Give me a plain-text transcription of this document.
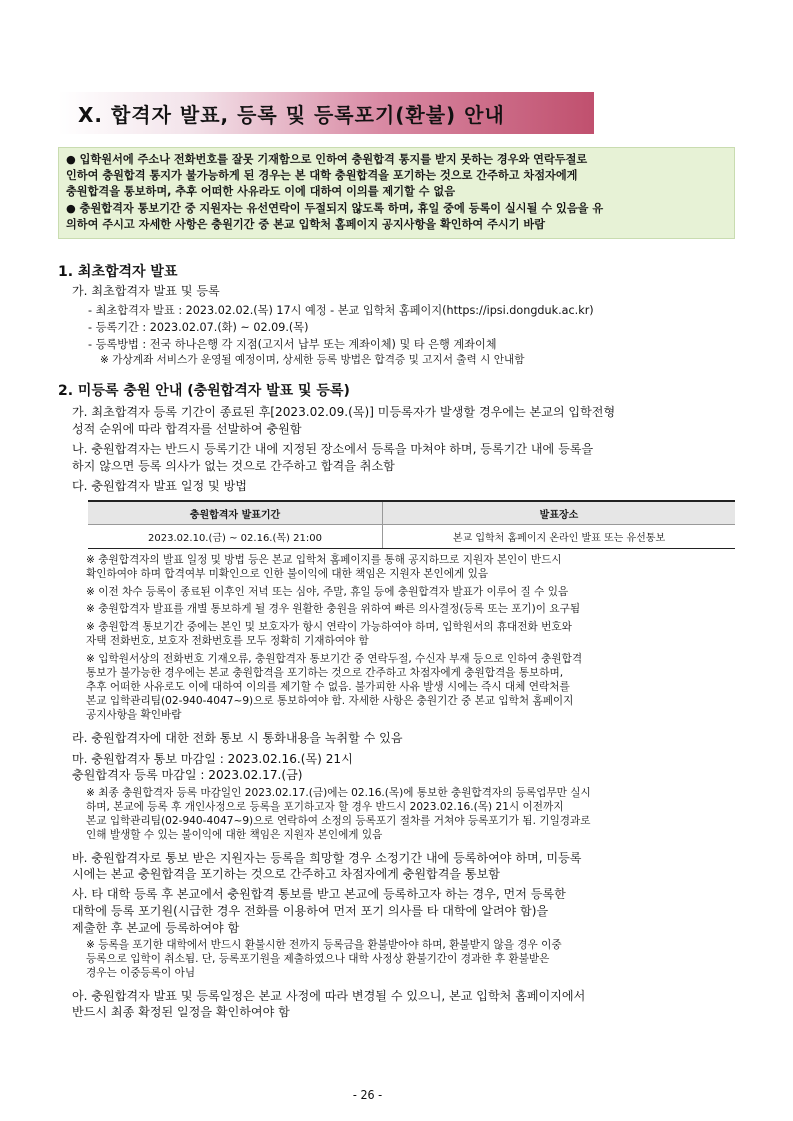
Ⅹ. 합격자 발표, 등록 및 등록포기(환불) 안내
● 입학원서에 주소나 전화번호를 잘못 기재함으로 인하여 충원합격 통지를 받지 못하는 경우와 연락두절로
인하여 충원합격 통지가 불가능하게 된 경우는 본 대학 충원합격을 포기하는 것으로 간주하고 차점자에게
충원합격을 통보하며, 추후 어떠한 사유라도 이에 대하여 이의를 제기할 수 없음
● 충원합격자 통보기간 중 지원자는 유선연락이 두절되지 않도록 하며, 휴일 중에 등록이 실시될 수 있음을 유
의하여 주시고 자세한 사항은 충원기간 중 본교 입학처 홈페이지 공지사항을 확인하여 주시기 바람
1. 최초합격자 발표
가. 최초합격자 발표 및 등록
- 최초합격자 발표 : 2023.02.02.(목) 17시 예정 - 본교 입학처 홈페이지(https://ipsi.dongduk.ac.kr)
- 등록기간 : 2023.02.07.(화) ~ 02.09.(목)
- 등록방법 : 전국 하나은행 각 지점(고지서 납부 또는 계좌이체) 및 타 은행 계좌이체
※ 가상계좌 서비스가 운영될 예정이며, 상세한 등록 방법은 합격증 및 고지서 출력 시 안내함
2. 미등록 충원 안내 (충원합격자 발표 및 등록)
가. 최초합격자 등록 기간이 종료된 후[2023.02.09.(목)] 미등록자가 발생할 경우에는 본교의 입학전형
성적 순위에 따라 합격자를 선발하여 충원함
나. 충원합격자는 반드시 등록기간 내에 지정된 장소에서 등록을 마쳐야 하며, 등록기간 내에 등록을
하지 않으면 등록 의사가 없는 것으로 간주하고 합격을 취소함
다. 충원합격자 발표 일정 및 방법
충원합격자 발표기간	발표장소
2023.02.10.(금) ~ 02.16.(목) 21:00	본교 입학처 홈페이지 온라인 발표 또는 유선통보
※ 충원합격자의 발표 일정 및 방법 등은 본교 입학처 홈페이지를 통해 공지하므로 지원자 본인이 반드시
확인하여야 하며 합격여부 미확인으로 인한 불이익에 대한 책임은 지원자 본인에게 있음
※ 이전 차수 등록이 종료된 이후인 저녁 또는 심야, 주말, 휴일 등에 충원합격자 발표가 이루어 질 수 있음
※ 충원합격자 발표를 개별 통보하게 될 경우 원활한 충원을 위하여 빠른 의사결정(등록 또는 포기)이 요구됨
※ 충원합격 통보기간 중에는 본인 및 보호자가 항시 연락이 가능하여야 하며, 입학원서의 휴대전화 번호와
자택 전화번호, 보호자 전화번호를 모두 정확히 기재하여야 함
※ 입학원서상의 전화번호 기재오류, 충원합격자 통보기간 중 연락두절, 수신자 부재 등으로 인하여 충원합격
통보가 불가능한 경우에는 본교 충원합격을 포기하는 것으로 간주하고 차점자에게 충원합격을 통보하며,
추후 어떠한 사유로도 이에 대하여 이의를 제기할 수 없음. 불가피한 사유 발생 시에는 즉시 대체 연락처를
본교 입학관리팀(02-940-4047~9)으로 통보하여야 함. 자세한 사항은 충원기간 중 본교 입학처 홈페이지
공지사항을 확인바람
라. 충원합격자에 대한 전화 통보 시 통화내용을 녹취할 수 있음
마. 충원합격자 통보 마감일 : 2023.02.16.(목) 21시
충원합격자 등록 마감일 : 2023.02.17.(금)
※ 최종 충원합격자 등록 마감일인 2023.02.17.(금)에는 02.16.(목)에 통보한 충원합격자의 등록업무만 실시
하며, 본교에 등록 후 개인사정으로 등록을 포기하고자 할 경우 반드시 2023.02.16.(목) 21시 이전까지
본교 입학관리팀(02-940-4047~9)으로 연락하여 소정의 등록포기 절차를 거쳐야 등록포기가 됨. 기일경과로
인해 발생할 수 있는 불이익에 대한 책임은 지원자 본인에게 있음
바. 충원합격자로 통보 받은 지원자는 등록을 희망할 경우 소정기간 내에 등록하여야 하며, 미등록
시에는 본교 충원합격을 포기하는 것으로 간주하고 차점자에게 충원합격을 통보함
사. 타 대학 등록 후 본교에서 충원합격 통보를 받고 본교에 등록하고자 하는 경우, 먼저 등록한
대학에 등록 포기원(시급한 경우 전화를 이용하여 먼저 포기 의사를 타 대학에 알려야 함)을
제출한 후 본교에 등록하여야 함
※ 등록을 포기한 대학에서 반드시 환불시한 전까지 등록금을 환불받아야 하며, 환불받지 않을 경우 이중
등록으로 입학이 취소됨. 단, 등록포기원을 제출하였으나 대학 사정상 환불기간이 경과한 후 환불받은
경우는 이중등록이 아님
아. 충원합격자 발표 및 등록일정은 본교 사정에 따라 변경될 수 있으니, 본교 입학처 홈페이지에서
반드시 최종 확정된 일정을 확인하여야 함
- 26 -
